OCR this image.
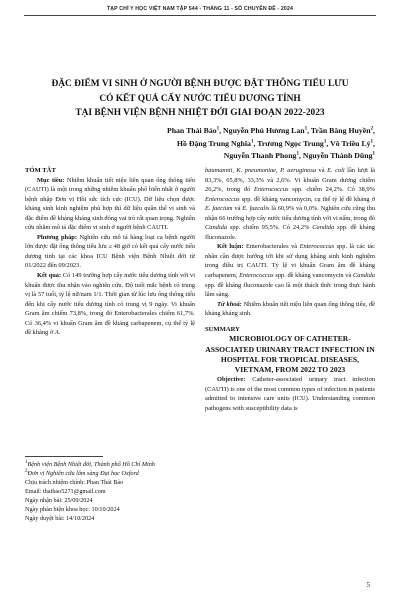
TẠP CHÍ Y HỌC VIỆT NAM TẬP 544 - THÁNG 11 - SỐ CHUYÊN ĐỀ - 2024
ĐẶC ĐIỂM VI SINH Ở NGƯỜI BỆNH ĐƯỢC ĐẶT THÔNG TIỂU LƯU
CÓ KẾT QUẢ CẤY NƯỚC TIỂU DƯƠNG TÍNH
TẠI BỆNH VIỆN BỆNH NHIỆT ĐỚI GIAI ĐOẠN 2022-2023
Phan Thái Bảo$^1$, Nguyễn Phú Hương Lan$^1$, Trần Băng Huyền$^2$,
Hồ Đặng Trung Nghĩa$^1$, Trương Ngọc Trung$^1$, Võ Triều $Lý^1$,
Nguyễn Thanh Phong$^1$, Nguyễn Thành Dũng$^1$

TÓM TẮT

Mục tiêu: Nhiễm khuẩn tiết niệu liên quan ống thông tiểu (CAUTI) là một trong những nhiễm khuẩn phổ biến nhất ở người bệnh nhập Đơn vị Hồi sức tích cực (ICU). Dữ liệu chọn được kháng sinh kinh nghiệm phù hợp thì dữ liệu quần thể vi sinh và đặc điểm đề kháng kháng sinh đóng vai trò rất quan trọng. Nghiên cứu nhằm mô tả đặc điểm vi sinh ở người bệnh CAUTI.

Phương pháp: Nghiên cứu mô tả hàng loạt ca bệnh người lớn được đặt ống thông tiểu lưu ≥ 48 giờ có kết quả cấy nước tiểu dương tính tại các khoa ICU Bệnh viện Bệnh Nhiệt đới từ 01/2022 đến 09/2023.

Kết quả: Có 149 trường hợp cấy nước tiểu dương tính với vi khuẩn được thu nhận vào nghiên cứu. Độ tuổi mắc bệnh có trung vị là 57 tuổi, tỷ lệ nữ/nam 1/1. Thời gian từ lúc lưu ống thông tiểu đến khi cấy nước tiểu dương tính có trung vị 9 ngày. Vi khuẩn Gram âm chiếm 73,8%, trong đó Enterobacterales chiếm 61,7%. Có 36,4% vi khuẩn Gram âm đề kháng carbapenem, cụ thể tỷ lệ đề kháng ở A.

$^1$Bệnh viện Bệnh Nhiệt đới, Thành phố Hồ Chí Minh
$^2$Đơn vị Nghiên cứu lâm sàng Đại học Oxford
Chịu trách nhiệm chính: Phan Thái Bảo
Email: thaibao5271@gmail.com
Ngày nhận bài: 25/09/2024
Ngày phản biện khoa học: 10/10/2024
Ngày duyệt bài: 14/10/2024

baumannii, K. pneumoniae, P. aeruginosa và E. coli lần lượt là 83,3%, 65,8%, 33,3% và 2,6%. Vi khuẩn Gram dương chiếm 26,2%, trong đó Enterococcus spp. chiếm 24,2%. Có 38,9% Enterococcus spp. đề kháng vancomycin, cụ thể tỷ lệ đề kháng ở E. faecium và E. faecalis là 60,9% và 0,0%. Nghiên cứu cũng thu nhận 66 trường hợp cấy nước tiểu dương tính với vi nấm, trong đó Candida spp. chiếm 95,5%. Có 24,2% Candida spp. đề kháng fluconazole.

Kết luận: Enterobacterales và Enterococcus spp. là các tác nhân cần được hướng tới khi sử dụng kháng sinh kinh nghiệm trong điều trị CAUTI. Tỷ lệ vi khuẩn Gram âm đề kháng carbapenem, Enterococcus spp. đề kháng vancomycin và Candida spp. đề kháng fluconazole cao là một thách thức trong thực hành lâm sàng.

Từ khoá: Nhiễm khuẩn tiết niệu liên quan ống thông tiểu, đề kháng kháng sinh.

SUMMARY

MICROBIOLOGY OF CATHETER-ASSOCIATED URINARY TRACT INFECTION IN HOSPITAL FOR TROPICAL DISEASES, VIETNAM, FROM 2022 TO 2023

Objective: Catheter-associated urinary tract infection (CAUTI) is one of the most common types of infection in patients admitted to intensive care units (ICU). Understanding common pathogens with susceptibility data is

5
